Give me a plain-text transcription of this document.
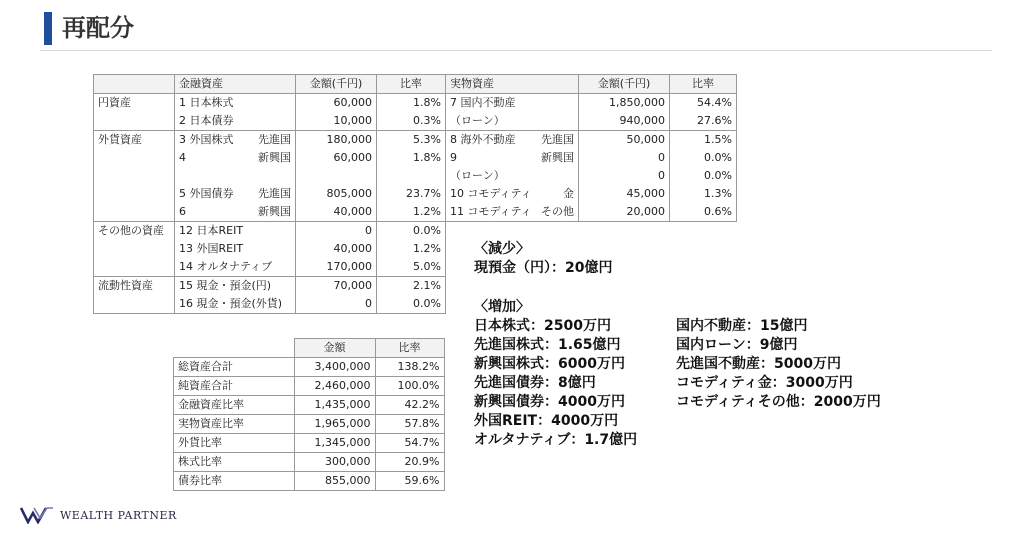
再配分
	金融資産	金額(千円)	比率	実物資産	金額(千円)	比率
円資産	1 日本株式	60,000	1.8%	7 国内不動産	1,850,000	54.4%

	2 日本債券	10,000	0.3%	（ローン）	940,000	27.6%
外貨資産	3 外国株式 先進国	180,000	5.3%	8 海外不動産 先進国	50,000	1.5%

	4 新興国	60,000	1.8%	9 新興国	0	0.0%

				（ローン）	0	0.0%

	5 外国債券 先進国	805,000	23.7%	10 コモディティ 金	45,000	1.3%

	6 新興国	40,000	1.2%	11 コモディティ その他	20,000	0.6%
その他の資産	12 日本REIT	0	0.0%			

	13 外国REIT	40,000	1.2%			

	14 オルタナティブ	170,000	5.0%			
流動性資産	15 現金・預金(円)	70,000	2.1%			

	16 現金・預金(外貨)	0	0.0%			
	金額	比率
総資産合計	3,400,000	138.2%
純資産合計	2,460,000	100.0%
金融資産比率	1,435,000	42.2%
実物資産比率	1,965,000	57.8%
外貨比率	1,345,000	54.7%
株式比率	300,000	20.9%
債券比率	855,000	59.6%
〈減少〉
現預金（円）：20億円
〈増加〉
日本株式：2500万円
先進国株式：1.65億円
新興国株式：6000万円
先進国債券：8億円
新興国債券：4000万円
外国REIT：4000万円
オルタナティブ：1.7億円
国内不動産：15億円
国内ローン：9億円
先進国不動産：5000万円
コモディティ金：3000万円
コモディティその他：2000万円
WEALTH PARTNER
